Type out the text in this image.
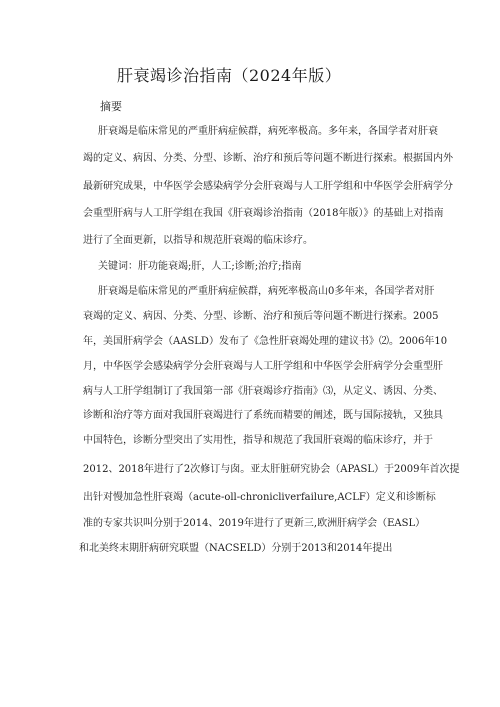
肝衰竭诊治指南（2024年版）
摘要
肝衰竭是临床常见的严重肝病症候群，病死率极高。多年来，各国学者对肝衰
竭的定义、病因、分类、分型、诊断、治疗和预后等问题不断进行探索。根据国内外
最新研究成果，中华医学会感染病学分会肝衰竭与人工肝学组和中华医学会肝病学分
会重型肝病与人工肝学组在我国《肝衰竭诊治指南（2018年版）》的基础上对指南
进行了全面更新，以指导和规范肝衰竭的临床诊疗。
关键词：肝功能衰竭;肝，人工;诊断;治疗;指南
肝衰竭是临床常见的严重肝病症候群，病死率极高山0多年来，各国学者对肝
衰竭的定义、病因、分类、分型、诊断、治疗和预后等问题不断进行探索。2005
年，美国肝病学会（AASLD）发布了《急性肝衰竭处理的建议书》⑵。2006年10
月，中华医学会感染病学分会肝衰竭与人工肝学组和中华医学会肝病学分会重型肝
病与人工肝学组制订了我国第一部《肝衰竭诊疗指南》⑶，从定义、诱因、分类、
诊断和治疗等方面对我国肝衰竭进行了系统而精要的阐述，既与国际接轨，又独具
中国特色，诊断分型突出了实用性，指导和规范了我国肝衰竭的临床诊疗，并于
2012、2018年进行了2次修订与囱。亚太肝脏研究协会（APASL）于2009年首次提
出针对慢加急性肝衰竭（acute-oll-chronicliverfailure,ACLF）定义和诊断标
准的专家共识叫分别于2014、2019年进行了更新三,欧洲肝病学会（EASL）
和北美终末期肝病研究联盟（NACSELD）分别于2013和2014年提出
